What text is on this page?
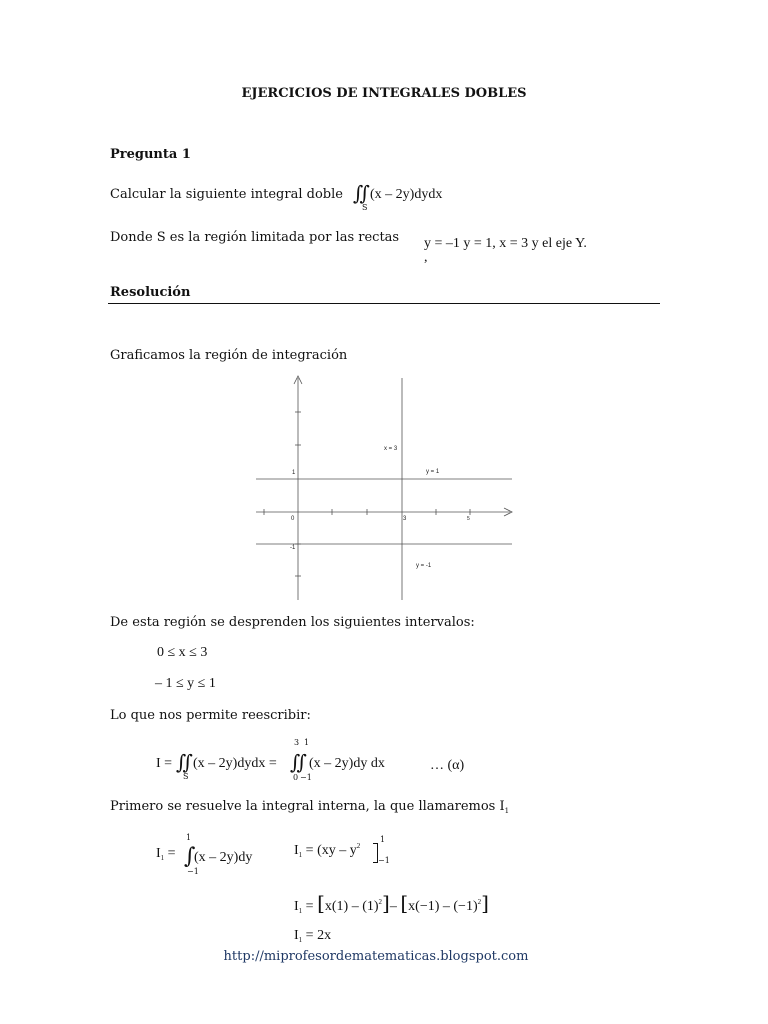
EJERCICIOS DE INTEGRALES DOBLES
Pregunta 1
Calcular la siguiente integral doble ∬
S
(x – 2y)dydx
Donde S es la región limitada por las rectas y = –1 y = 1, x = 3 y el eje Y.
,
Resolución
Graficamos la región de integración
x = 3
y = 1
y = -1
1
0
-1
3	5
De esta región se desprenden los siguientes intervalos:
0 ≤ x ≤ 3
– 1 ≤ y ≤ 1
Lo que nos permite reescribir:
I = ∬
S
(x – 2y)dydx =
3 1
∬
0 −1
(x – 2y)dy dx	… (α)
Primero se resuelve la integral interna, la que llamaremos $I_1$
$I_1$ =
1
∫
−1
(x – 2y)dy	$I_1 = (xy - y^2$
1
−1
$I_1 = [x(1) - (1)^2]-$ $[x(-1) - (-1)^2]$
$I_1 = 2x$
http://miprofesordematematicas.blogspot.com
